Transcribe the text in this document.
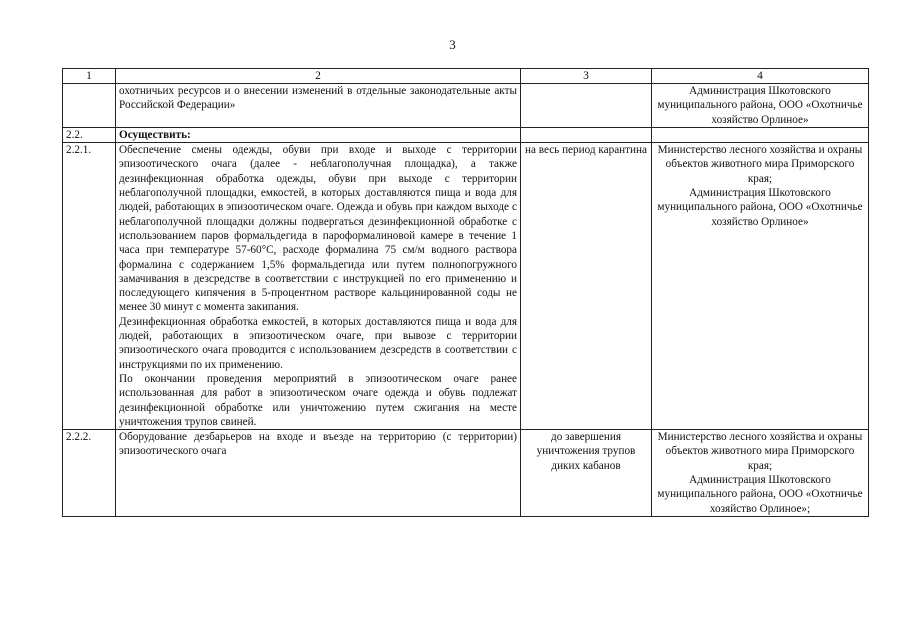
3
1	2	3	4
	охотничьих ресурсов и о внесении изменений в отдельные законодательные акты Российской Федерации»		Администрация Шкотовского муниципального района, ООО «Охотничье хозяйство Орлиное»
2.2.	Осуществить:		
2.2.1.	Обеспечение смены одежды, обуви при входе и выходе с территории эпизоотического очага (далее - неблагополучная площадка), а также дезинфекционная обработка одежды, обуви при выходе с территории неблагополучной площадки, емкостей, в которых доставляются пища и вода для людей, работающих в эпизоотическом очаге. Одежда и обувь при каждом выходе с неблагополучной площадки должны подвергаться дезинфекционной обработке с использованием паров формальдегида в пароформалиновой камере в течение 1 часа при температуре 57-60°С, расходе формалина 75 см/м водного раствора формалина с содержанием 1,5% формальдегида или путем полнопогружного замачивания в дезсредстве в соответствии с инструкцией по его применению и последующего кипячения в 5-процентном растворе кальцинированной соды не менее 30 минут с момента закипания.
Дезинфекционная обработка емкостей, в которых доставляются пища и вода для людей, работающих в эпизоотическом очаге, при вывозе с территории эпизоотического очага проводится с использованием дезсредств в соответствии с инструкциями по их применению.
По окончании проведения мероприятий в эпизоотическом очаге ранее использованная для работ в эпизоотическом очаге одежда и обувь подлежат дезинфекционной обработке или уничтожению путем сжигания на месте уничтожения трупов свиней.	на весь период карантина	Министерство лесного хозяйства и охраны объектов животного мира Приморского края;
Администрация Шкотовского муниципального района, ООО «Охотничье хозяйство Орлиное»

2.2.2.	Оборудование дезбарьеров на входе и въезде на территорию (с территории) эпизоотического очага	до завершения уничтожения трупов диких кабанов	Министерство лесного хозяйства и охраны объектов животного мира Приморского края;
Администрация Шкотовского муниципального района, ООО «Охотничье хозяйство Орлиное»;
